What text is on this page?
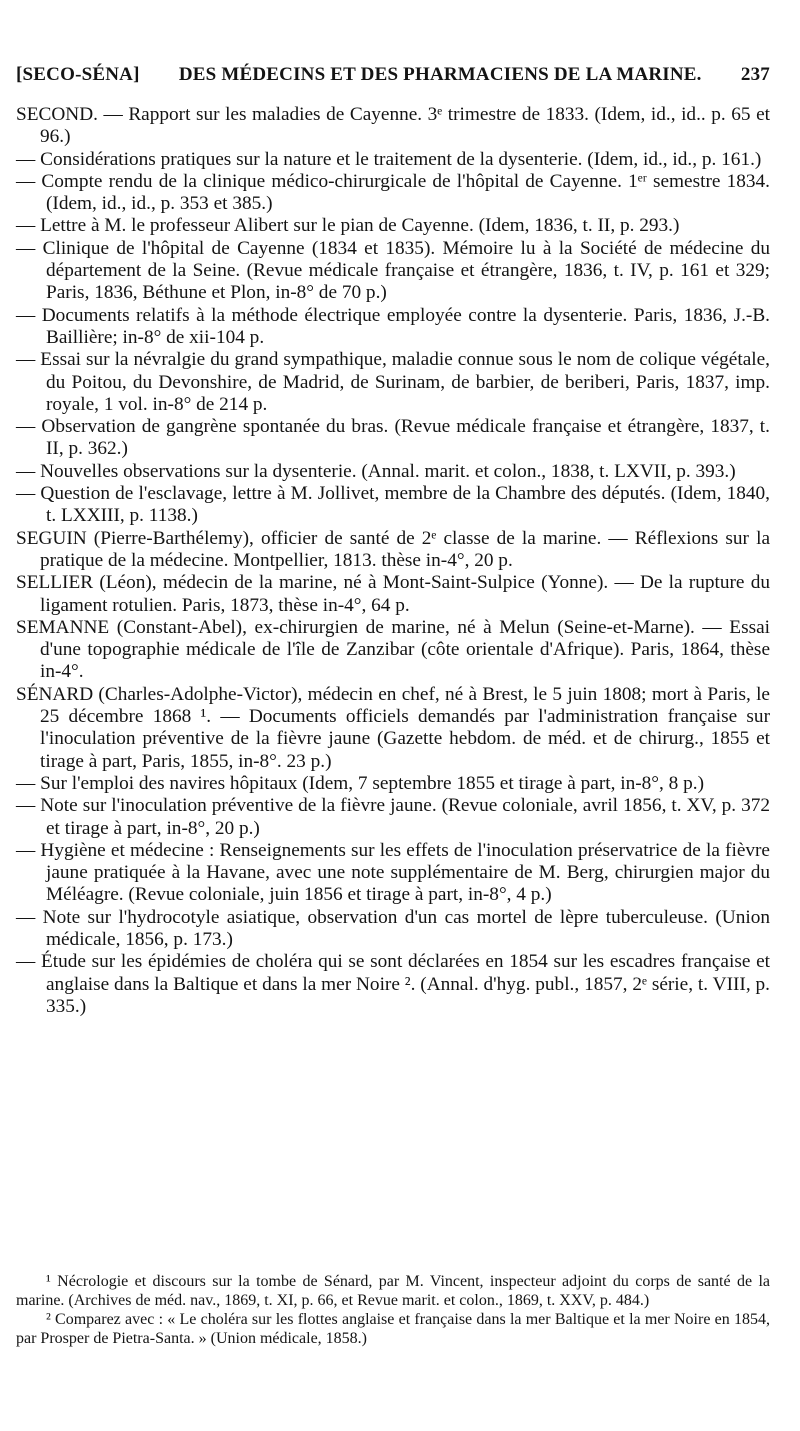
[SECO-SÉNA]	DES MÉDECINS ET DES PHARMACIENS DE LA MARINE.	237

SECOND. — Rapport sur les maladies de Cayenne. 3ᵉ trimestre de 1833. (Idem, id., id.. p. 65 et 96.)

— Considérations pratiques sur la nature et le traitement de la dysenterie. (Idem, id., id., p. 161.)

— Compte rendu de la clinique médico-chirurgicale de l'hôpital de Cayenne. 1ᵉʳ semestre 1834. (Idem, id., id., p. 353 et 385.)

— Lettre à M. le professeur Alibert sur le pian de Cayenne. (Idem, 1836, t. II, p. 293.)

— Clinique de l'hôpital de Cayenne (1834 et 1835). Mémoire lu à la Société de médecine du département de la Seine. (Revue médicale française et étrangère, 1836, t. IV, p. 161 et 329; Paris, 1836, Béthune et Plon, in-8° de 70 p.)

— Documents relatifs à la méthode électrique employée contre la dysenterie. Paris, 1836, J.-B. Baillière; in-8° de xii-104 p.

— Essai sur la névralgie du grand sympathique, maladie connue sous le nom de colique végétale, du Poitou, du Devonshire, de Madrid, de Surinam, de barbier, de beriberi, Paris, 1837, imp. royale, 1 vol. in-8° de 214 p.

— Observation de gangrène spontanée du bras. (Revue médicale française et étrangère, 1837, t. II, p. 362.)

— Nouvelles observations sur la dysenterie. (Annal. marit. et colon., 1838, t. LXVII, p. 393.)

— Question de l'esclavage, lettre à M. Jollivet, membre de la Chambre des députés. (Idem, 1840, t. LXXIII, p. 1138.)

SEGUIN (Pierre-Barthélemy), officier de santé de 2ᵉ classe de la marine. — Réflexions sur la pratique de la médecine. Montpellier, 1813. thèse in-4°, 20 p.

SELLIER (Léon), médecin de la marine, né à Mont-Saint-Sulpice (Yonne). — De la rupture du ligament rotulien. Paris, 1873, thèse in-4°, 64 p.

SEMANNE (Constant-Abel), ex-chirurgien de marine, né à Melun (Seine-et-Marne). — Essai d'une topographie médicale de l'île de Zanzibar (côte orientale d'Afrique). Paris, 1864, thèse in-4°.

SÉNARD (Charles-Adolphe-Victor), médecin en chef, né à Brest, le 5 juin 1808; mort à Paris, le 25 décembre 1868 ¹. — Documents officiels demandés par l'administration française sur l'inoculation préventive de la fièvre jaune (Gazette hebdom. de méd. et de chirurg., 1855 et tirage à part, Paris, 1855, in-8°. 23 p.)

— Sur l'emploi des navires hôpitaux (Idem, 7 septembre 1855 et tirage à part, in-8°, 8 p.)

— Note sur l'inoculation préventive de la fièvre jaune. (Revue coloniale, avril 1856, t. XV, p. 372 et tirage à part, in-8°, 20 p.)

— Hygiène et médecine : Renseignements sur les effets de l'inoculation préservatrice de la fièvre jaune pratiquée à la Havane, avec une note supplémentaire de M. Berg, chirurgien major du Méléagre. (Revue coloniale, juin 1856 et tirage à part, in-8°, 4 p.)

— Note sur l'hydrocotyle asiatique, observation d'un cas mortel de lèpre tuberculeuse. (Union médicale, 1856, p. 173.)

— Étude sur les épidémies de choléra qui se sont déclarées en 1854 sur les escadres française et anglaise dans la Baltique et dans la mer Noire ². (Annal. d'hyg. publ., 1857, 2ᵉ série, t. VIII, p. 335.)

¹ Nécrologie et discours sur la tombe de Sénard, par M. Vincent, inspecteur adjoint du corps de santé de la marine. (Archives de méd. nav., 1869, t. XI, p. 66, et Revue marit. et colon., 1869, t. XXV, p. 484.)

² Comparez avec : « Le choléra sur les flottes anglaise et française dans la mer Baltique et la mer Noire en 1854, par Prosper de Pietra-Santa. » (Union médicale, 1858.)
